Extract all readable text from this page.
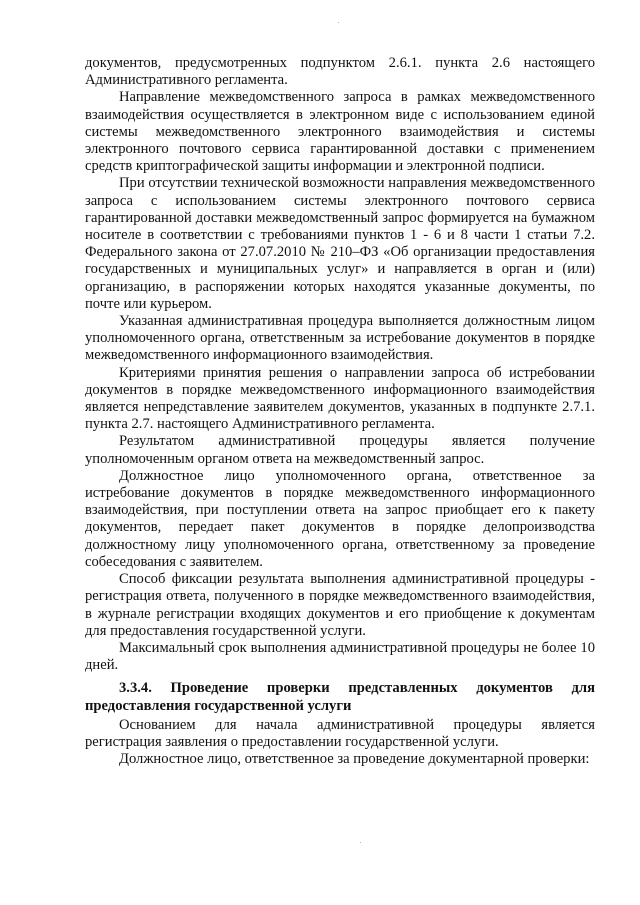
документов, предусмотренных подпунктом 2.6.1. пункта 2.6 настоящего Административного регламента.

Направление межведомственного запроса в рамках межведомственного взаимодействия осуществляется в электронном виде с использованием единой системы межведомственного электронного взаимодействия и системы электронного почтового сервиса гарантированной доставки с применением средств криптографической защиты информации и электронной подписи.

При отсутствии технической возможности направления межведомственного запроса с использованием системы электронного почтового сервиса гарантированной доставки межведомственный запрос формируется на бумажном носителе в соответствии с требованиями пунктов 1 - 6 и 8 части 1 статьи 7.2. Федерального закона от 27.07.2010 № 210–ФЗ «Об организации предоставления государственных и муниципальных услуг» и направляется в орган и (или) организацию, в распоряжении которых находятся указанные документы, по почте или курьером.

Указанная административная процедура выполняется должностным лицом уполномоченного органа, ответственным за истребование документов в порядке межведомственного информационного взаимодействия.

Критериями принятия решения о направлении запроса об истребовании документов в порядке межведомственного информационного взаимодействия является непредставление заявителем документов, указанных в подпункте 2.7.1. пункта 2.7. настоящего Административного регламента.

Результатом административной процедуры является получение уполномоченным органом ответа на межведомственный запрос.

Должностное лицо уполномоченного органа, ответственное за истребование документов в порядке межведомственного информационного взаимодействия, при поступлении ответа на запрос приобщает его к пакету документов, передает пакет документов в порядке делопроизводства должностному лицу уполномоченного органа, ответственному за проведение собеседования с заявителем.

Способ фиксации результата выполнения административной процедуры - регистрация ответа, полученного в порядке межведомственного взаимодействия, в журнале регистрации входящих документов и его приобщение к документам для предоставления государственной услуги.

Максимальный срок выполнения административной процедуры не более 10 дней.

3.3.4. Проведение проверки представленных документов для предоставления государственной услуги

Основанием для начала административной процедуры является регистрация заявления о предоставлении государственной услуги.

Должностное лицо, ответственное за проведение документарной проверки:
